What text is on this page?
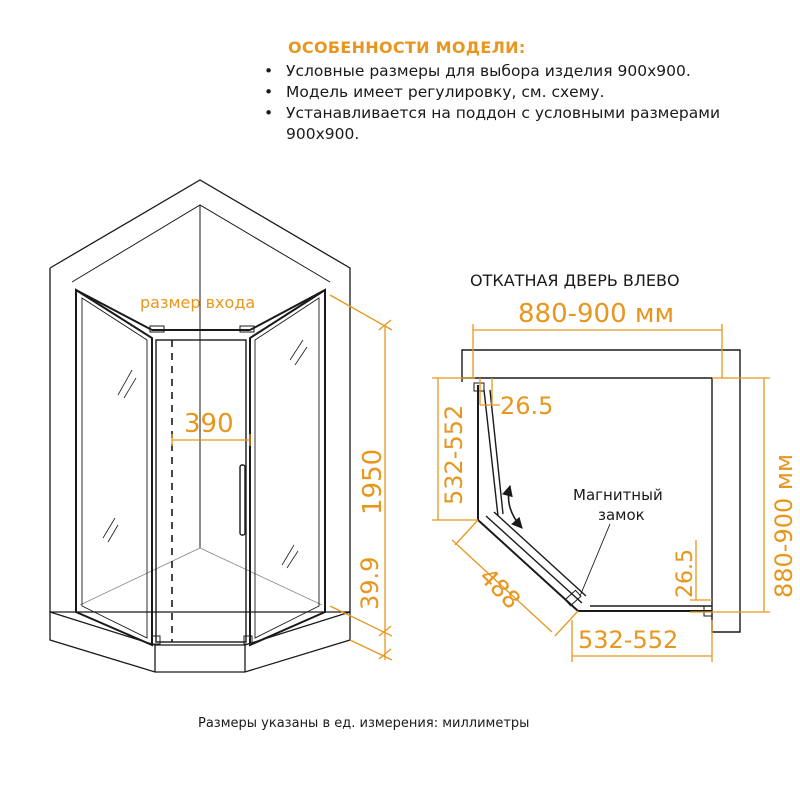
ОСОБЕННОСТИ МОДЕЛИ:
• Условные размеры для выбора изделия 900x900.
• Модель имеет регулировку, см. схему.
• Устанавливается на поддон с условными размерами 900x900.
размер входа
390
1950
39.9
ОТКАТНАЯ ДВЕРЬ ВЛЕВО
880-900 мм
532-552 26.5
488
532-552
880-900 мм
26.5
Магнитный
замок
Размеры указаны в ед. измерения: миллиметры
